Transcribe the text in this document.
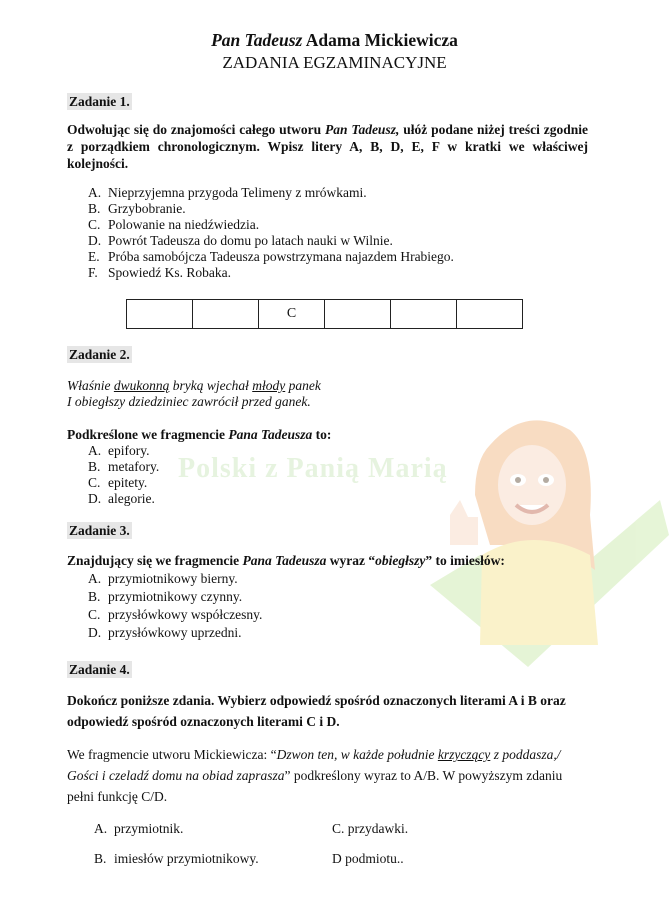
Polski z Panią Marią
Pan Tadeusz Adama Mickiewicza
ZADANIA EGZAMINACYJNE
Zadanie 1.
Odwołując się do znajomości całego utworu Pan Tadeusz, ułóż podane niżej treści zgodnie z porządkiem chronologicznym. Wpisz litery A, B, D, E, F w kratki we właściwej kolejności.
A. Nieprzyjemna przygoda Telimeny z mrówkami.
B. Grzybobranie.
C. Polowanie na niedźwiedzia.
D. Powrót Tadeusza do domu po latach nauki w Wilnie.
E. Próba samobójcza Tadeusza powstrzymana najazdem Hrabiego.
F. Spowiedź Ks. Robaka.
		C			
Zadanie 2.
Właśnie dwukonną bryką wjechał młody panek
I obiegłszy dziedziniec zawrócił przed ganek.
Podkreślone we fragmencie Pana Tadeusza to:
A. epifory.
B. metafory.
C. epitety.
D. alegorie.
Zadanie 3.
Znajdujący się we fragmencie Pana Tadeusza wyraz “obiegłszy” to imiesłów:
A. przymiotnikowy bierny.
B. przymiotnikowy czynny.
C. przysłówkowy współczesny.
D. przysłówkowy uprzedni.
Zadanie 4.
Dokończ poniższe zdania. Wybierz odpowiedź spośród oznaczonych literami A i B oraz
odpowiedź spośród oznaczonych literami C i D.
We fragmencie utworu Mickiewicza: “Dzwon ten, w każde południe krzyczący z poddasza,/
Gości i czeladź domu na obiad zaprasza” podkreślony wyraz to A/B. W powyższym zdaniu
pełni funkcję C/D.
A. przymiotnik.	C. przydawki.
B. imiesłów przymiotnikowy.	D podmiotu..
